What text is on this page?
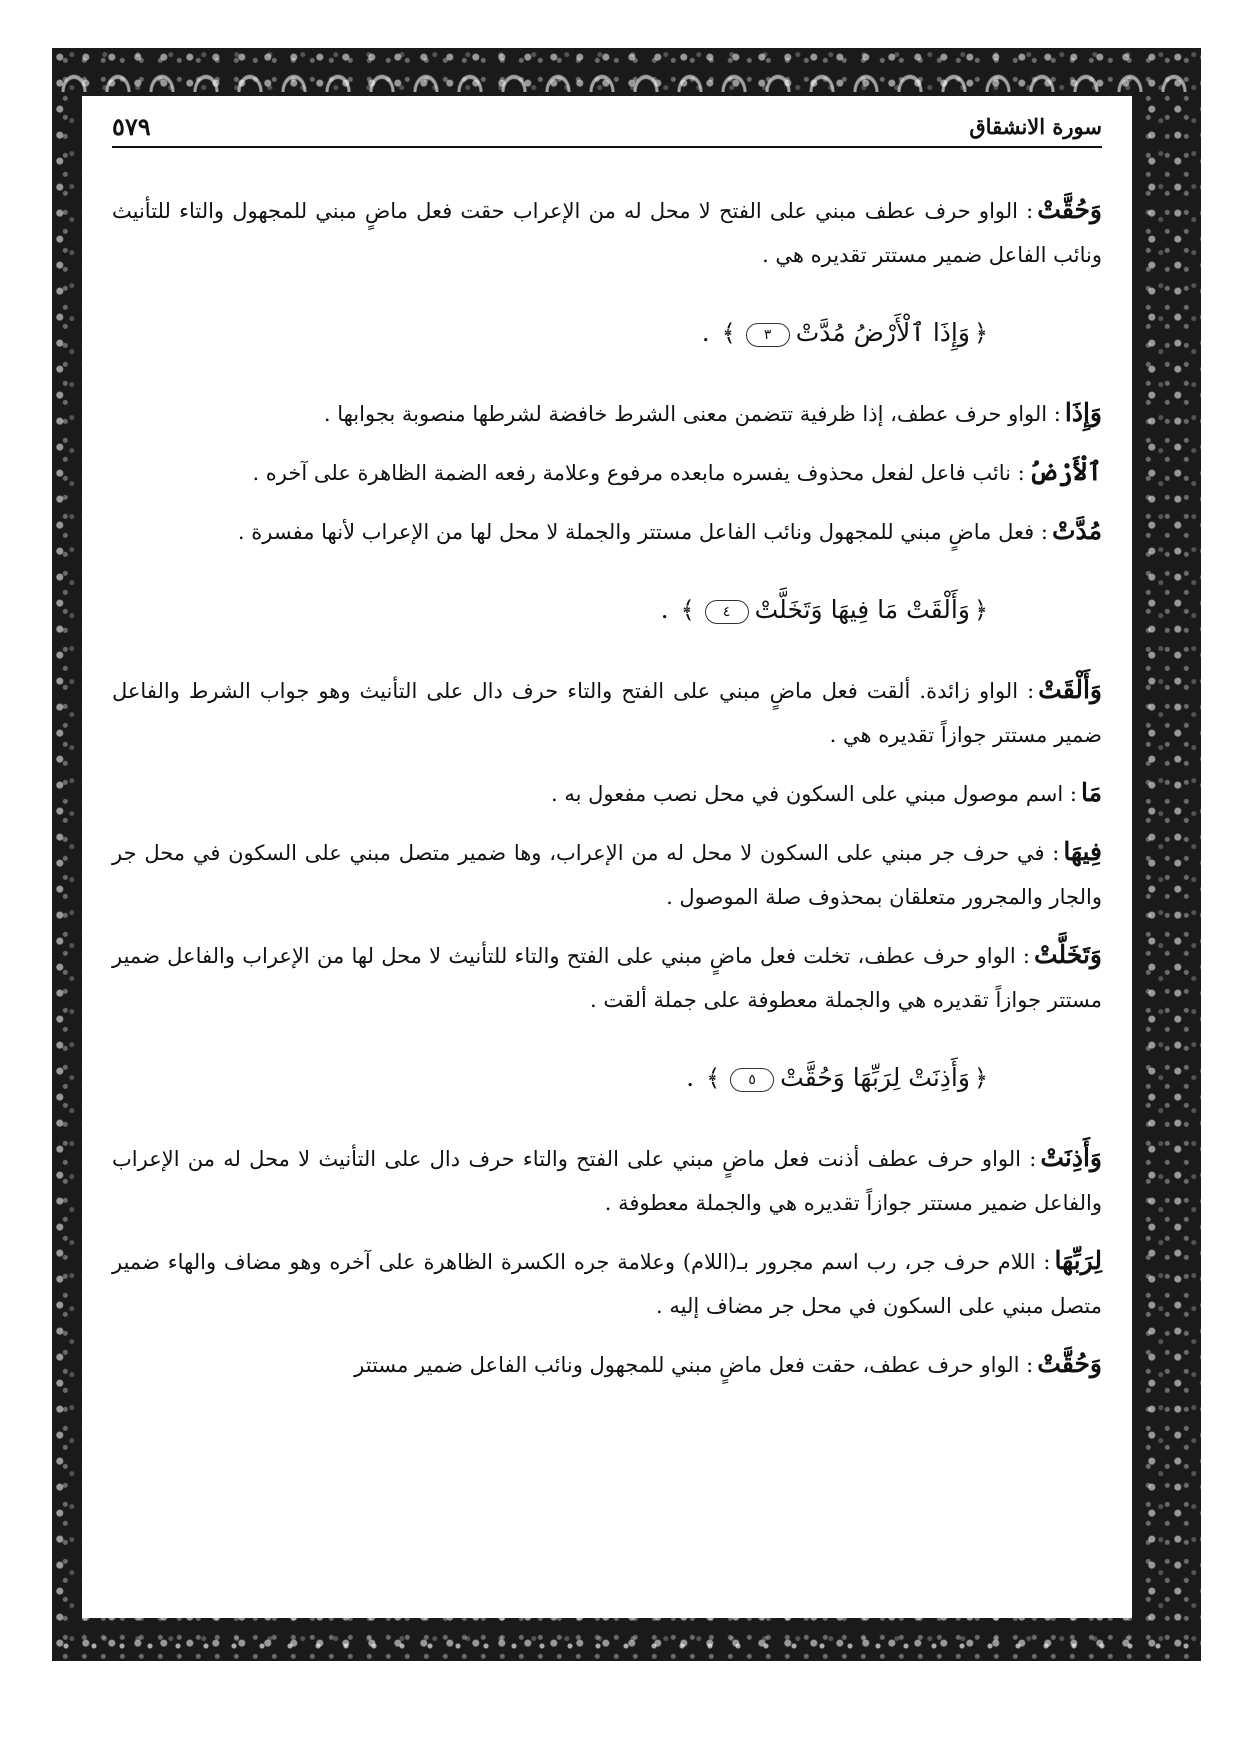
سورة الانشقاق
٥٧٩

وَحُقَّتْ: الواو حرف عطف مبني على الفتح لا محل له من الإعراب حقت فعل ماضٍ مبني للمجهول والتاء للتأنيث ونائب الفاعل ضمير مستتر تقديره هي .

﴿وَإِذَا ٱلْأَرْضُ مُدَّتْ٣﴾ .

وَإِذَا: الواو حرف عطف، إذا ظرفية تتضمن معنى الشرط خافضة لشرطها منصوبة بجوابها .

ٱلْأَرْضُ: نائب فاعل لفعل محذوف يفسره مابعده مرفوع وعلامة رفعه الضمة الظاهرة على آخره .

مُدَّتْ: فعل ماضٍ مبني للمجهول ونائب الفاعل مستتر والجملة لا محل لها من الإعراب لأنها مفسرة .

﴿وَأَلْقَتْ مَا فِيهَا وَتَخَلَّتْ٤﴾ .

وَأَلْقَتْ: الواو زائدة. ألقت فعل ماضٍ مبني على الفتح والتاء حرف دال على التأنيث وهو جواب الشرط والفاعل ضمير مستتر جوازاً تقديره هي .

مَا: اسم موصول مبني على السكون في محل نصب مفعول به .

فِيهَا: في حرف جر مبني على السكون لا محل له من الإعراب، وها ضمير متصل مبني على السكون في محل جر والجار والمجرور متعلقان بمحذوف صلة الموصول .

وَتَخَلَّتْ: الواو حرف عطف، تخلت فعل ماضٍ مبني على الفتح والتاء للتأنيث لا محل لها من الإعراب والفاعل ضمير مستتر جوازاً تقديره هي والجملة معطوفة على جملة ألقت .

﴿وَأَذِنَتْ لِرَبِّهَا وَحُقَّتْ٥﴾ .

وَأَذِنَتْ: الواو حرف عطف أذنت فعل ماضٍ مبني على الفتح والتاء حرف دال على التأنيث لا محل له من الإعراب والفاعل ضمير مستتر جوازاً تقديره هي والجملة معطوفة .

لِرَبِّهَا: اللام حرف جر، رب اسم مجرور بـ(اللام) وعلامة جره الكسرة الظاهرة على آخره وهو مضاف والهاء ضمير متصل مبني على السكون في محل جر مضاف إليه .

وَحُقَّتْ: الواو حرف عطف، حقت فعل ماضٍ مبني للمجهول ونائب الفاعل ضمير مستتر
